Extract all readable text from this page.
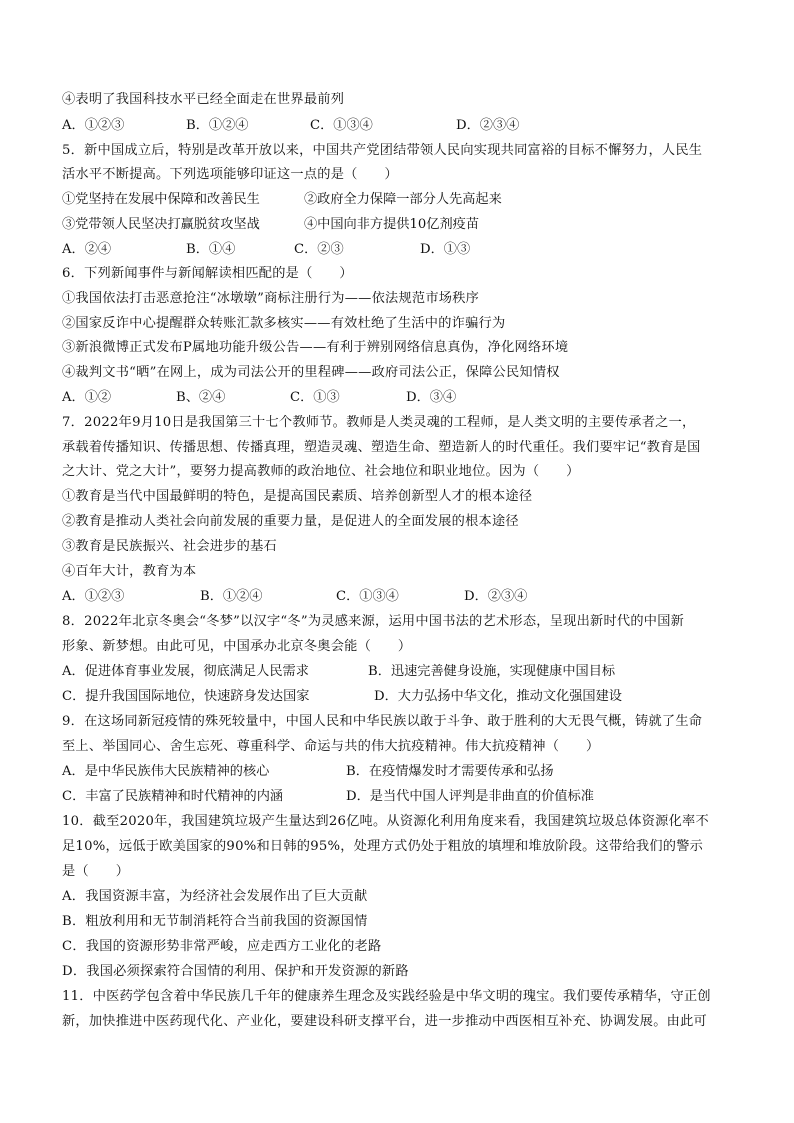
④表明了我国科技水平已经全面走在世界最前列
A．①②③	B．①②④	C．①③④	D．②③④
5．新中国成立后，特别是改革开放以来，中国共产党团结带领人民向实现共同富裕的目标不懈努力，人民生
活水平不断提高。下列选项能够印证这一点的是（　　）
①党坚持在发展中保障和改善民生	②政府全力保障一部分人先高起来
③党带领人民坚决打赢脱贫攻坚战	④中国向非方提供10亿剂疫苗
A．②④	B．①④	C．②③	D．①③
6．下列新闻事件与新闻解读相匹配的是（　　）
①我国依法打击恶意抢注“冰墩墩”商标注册行为——依法规范市场秩序
②国家反诈中心提醒群众转账汇款多核实——有效杜绝了生活中的诈骗行为
③新浪微博正式发布P属地功能升级公告——有利于辨别网络信息真伪，净化网络环境
④裁判文书“晒”在网上，成为司法公开的里程碑——政府司法公正，保障公民知情权
A．①②	B、②④	C．①③	D．③④
7．2022年9月10日是我国第三十七个教师节。教师是人类灵魂的工程师，是人类文明的主要传承者之一，
承载着传播知识、传播思想、传播真理，塑造灵魂、塑造生命、塑造新人的时代重任。我们要牢记“教育是国
之大计、党之大计”，要努力提高教师的政治地位、社会地位和职业地位。因为（　　）
①教育是当代中国最鲜明的特色，是提高国民素质、培养创新型人才的根本途径
②教育是推动人类社会向前发展的重要力量，是促进人的全面发展的根本途径
③教育是民族振兴、社会进步的基石
④百年大计，教育为本
A．①②③	B．①②④	C．①③④	D．②③④
8．2022年北京冬奥会“冬梦”以汉字“冬”为灵感来源，运用中国书法的艺术形态，呈现出新时代的中国新
形象、新梦想。由此可见，中国承办北京冬奥会能（　　）
A．促进体育事业发展，彻底满足人民需求	B．迅速完善健身设施，实现健康中国目标
C．提升我国国际地位，快速跻身发达国家	D．大力弘扬中华文化，推动文化强国建设
9．在这场同新冠疫情的殊死较量中，中国人民和中华民族以敢于斗争、敢于胜利的大无畏气概，铸就了生命
至上、举国同心、舍生忘死、尊重科学、命运与共的伟大抗疫精神。伟大抗疫精神（　　）
A．是中华民族伟大民族精神的核心	B．在疫情爆发时才需要传承和弘扬
C．丰富了民族精神和时代精神的内涵	D．是当代中国人评判是非曲直的价值标准
10．截至2020年，我国建筑垃圾产生量达到26亿吨。从资源化利用角度来看，我国建筑垃圾总体资源化率不
足10%，远低于欧美国家的90%和日韩的95%，处理方式仍处于粗放的填埋和堆放阶段。这带给我们的警示
是（　　）
A．我国资源丰富，为经济社会发展作出了巨大贡献
B．粗放利用和无节制消耗符合当前我国的资源国情
C．我国的资源形势非常严峻，应走西方工业化的老路
D．我国必须探索符合国情的利用、保护和开发资源的新路
11．中医药学包含着中华民族几千年的健康养生理念及实践经验是中华文明的瑰宝。我们要传承精华，守正创
新，加快推进中医药现代化、产业化，要建设科研支撑平台，进一步推动中西医相互补充、协调发展。由此可
